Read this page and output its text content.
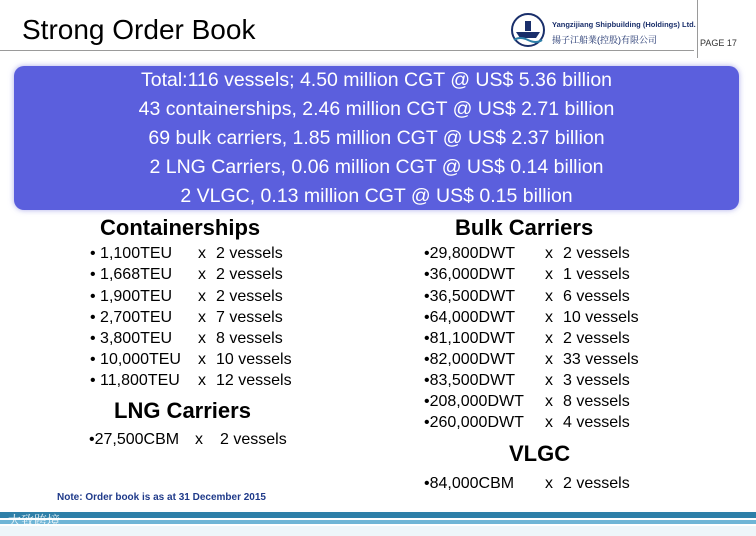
Strong Order Book	Yangzijiang Shipbuilding (Holdings) Ltd.
揚子江船業(控股)有限公司	PAGE 17
Total:116 vessels; 4.50 million CGT @ US$ 5.36 billion
43 containerships, 2.46 million CGT @ US$ 2.71 billion
69 bulk carriers, 1.85 million CGT @ US$ 2.37 billion
2 LNG Carriers, 0.06 million CGT @ US$ 0.14 billion
2 VLGC, 0.13 million CGT @ US$ 0.15 billion
Containerships
• 1,100TEU x 2 vessels
• 1,668TEU x 2 vessels
• 1,900TEU x 2 vessels
• 2,700TEU x 7 vessels
• 3,800TEU x 8 vessels
• 10,000TEU x 10 vessels
• 11,800TEU x 12 vessels
LNG Carriers
•27,500CBM x 2 vessels
Bulk Carriers
•29,800DWT x 2 vessels
•36,000DWT x 1 vessels
•36,500DWT x 6 vessels
•64,000DWT x 10 vessels
•81,100DWT x 2 vessels
•82,000DWT x 33 vessels
•83,500DWT x 3 vessels
•208,000DWT x 8 vessels
•260,000DWT x 4 vessels
VLGC
•84,000CBM x 2 vessels
Note: Order book is as at 31 December 2015
大致跨境
